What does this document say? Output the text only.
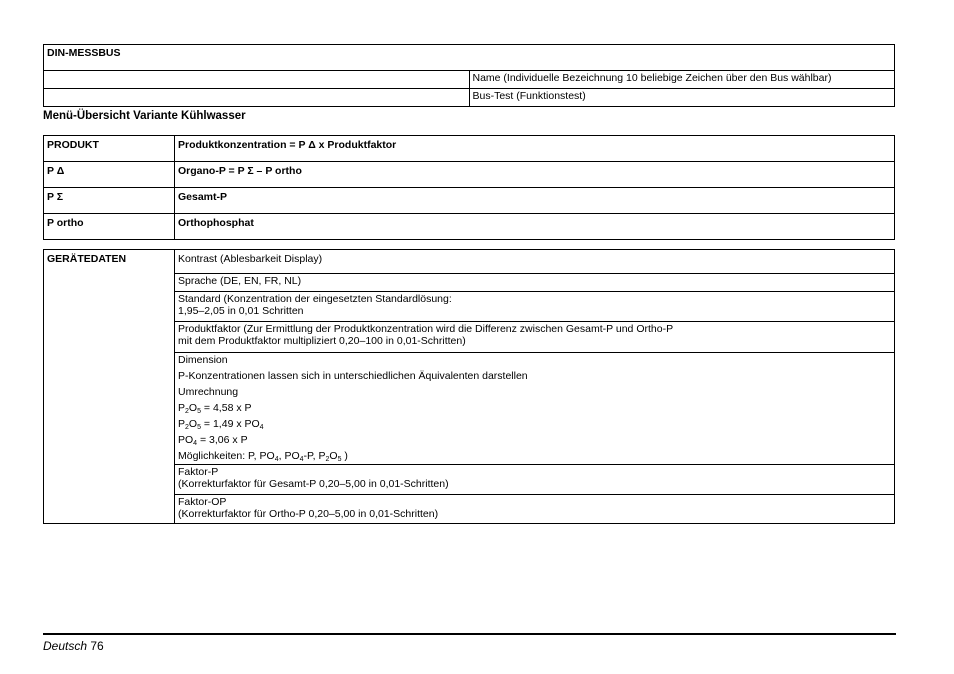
DIN-MESSBUS	
	Name (Individuelle Bezeichnung 10 beliebige Zeichen über den Bus wählbar)
	Bus-Test (Funktionstest)
Menü-Übersicht Variante Kühlwasser
PRODUKT	Produktkonzentration = P Δ x Produktfaktor
P Δ	Organo-P = P Σ – P ortho
P Σ	Gesamt-P
P ortho	Orthophosphat
GERÄTEDATEN	Kontrast (Ablesbarkeit Display)
Sprache (DE, EN, FR, NL)

Standard (Konzentration der eingesetzten Standardlösung:
1,95–2,05 in 0,01 Schritten

Produktfaktor (Zur Ermittlung der Produktkonzentration wird die Differenz zwischen Gesamt-P und Ortho-P
mit dem Produktfaktor multipliziert 0,20–100 in 0,01-Schritten)

Dimension
P-Konzentrationen lassen sich in unterschiedlichen Äquivalenten darstellen
Umrechnung
$P_2O_5 = 4,58$ x P
$P_2O_5 = 1,49$ x $PO_4$
$PO_4 = 3,06$ x P
Möglichkeiten: P, $PO_4$, $PO_4-P$, $P_2O_5$ )

Faktor-P
(Korrekturfaktor für Gesamt-P 0,20–5,00 in 0,01-Schritten)

Faktor-OP
(Korrekturfaktor für Ortho-P 0,20–5,00 in 0,01-Schritten)
Deutsch 76
